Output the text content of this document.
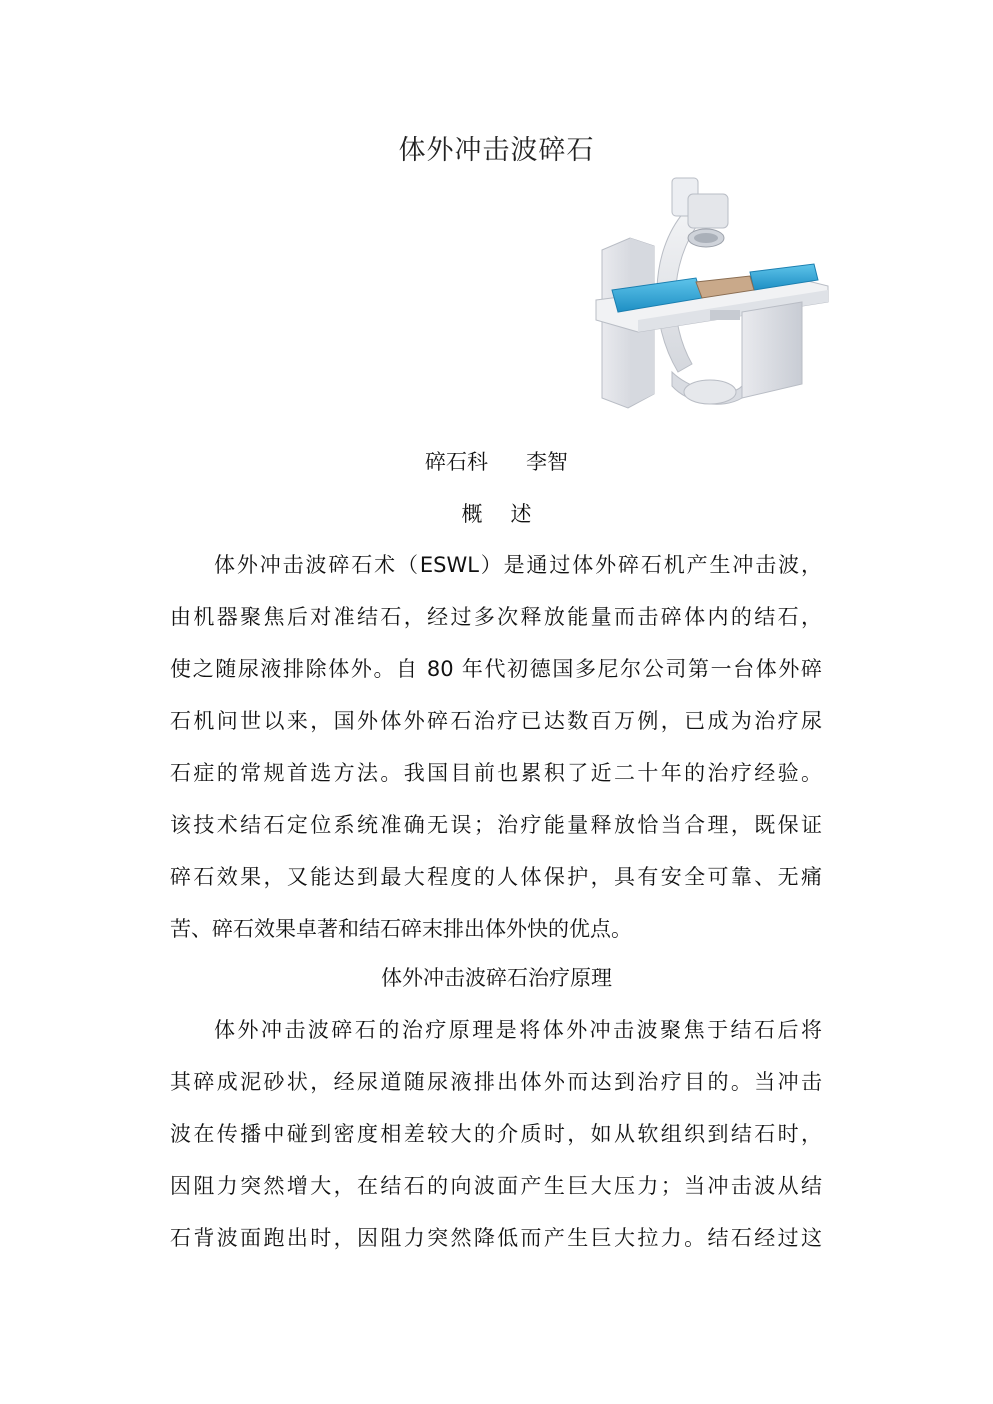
体外冲击波碎石
碎石科 李智
概述
体外冲击波碎石术（ESWL）是通过体外碎石机产生冲击波，
由机器聚焦后对准结石，经过多次释放能量而击碎体内的结石，
使之随尿液排除体外。自 80 年代初德国多尼尔公司第一台体外碎
石机问世以来，国外体外碎石治疗已达数百万例，已成为治疗尿
石症的常规首选方法。我国目前也累积了近二十年的治疗经验。
该技术结石定位系统准确无误；治疗能量释放恰当合理，既保证
碎石效果，又能达到最大程度的人体保护，具有安全可靠、无痛
苦、碎石效果卓著和结石碎末排出体外快的优点。
体外冲击波碎石治疗原理
体外冲击波碎石的治疗原理是将体外冲击波聚焦于结石后将
其碎成泥砂状，经尿道随尿液排出体外而达到治疗目的。当冲击
波在传播中碰到密度相差较大的介质时，如从软组织到结石时，
因阻力突然增大，在结石的向波面产生巨大压力；当冲击波从结
石背波面跑出时，因阻力突然降低而产生巨大拉力。结石经过这
